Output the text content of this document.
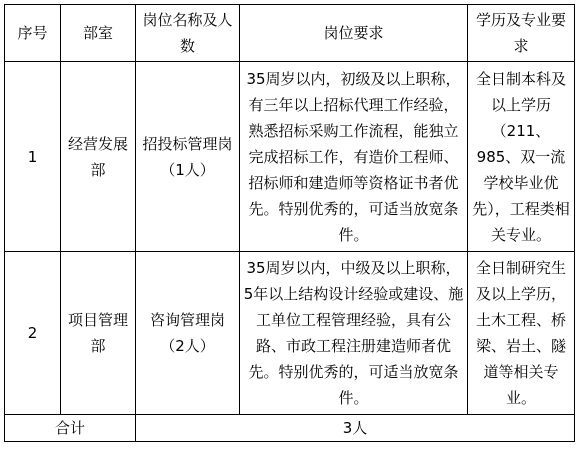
序号	部室	岗位名称及人数	岗位要求	学历及专业要求
1	经营发展部	招投标管理岗（1人）	35周岁以内，初级及以上职称，有三年以上招标代理工作经验，熟悉招标采购工作流程，能独立完成招标工作，有造价工程师、招标师和建造师等资格证书者优先。特别优秀的，可适当放宽条件。	全日制本科及以上学历（211、985、双一流学校毕业优先），工程类相关专业。
2	项目管理部	咨询管理岗（2人）	35周岁以内，中级及以上职称，5年以上结构设计经验或建设、施工单位工程管理经验，具有公路、市政工程注册建造师者优先。特别优秀的，可适当放宽条件。	全日制研究生及以上学历，土木工程、桥梁、岩土、隧道等相关专业。
合计		3人		
